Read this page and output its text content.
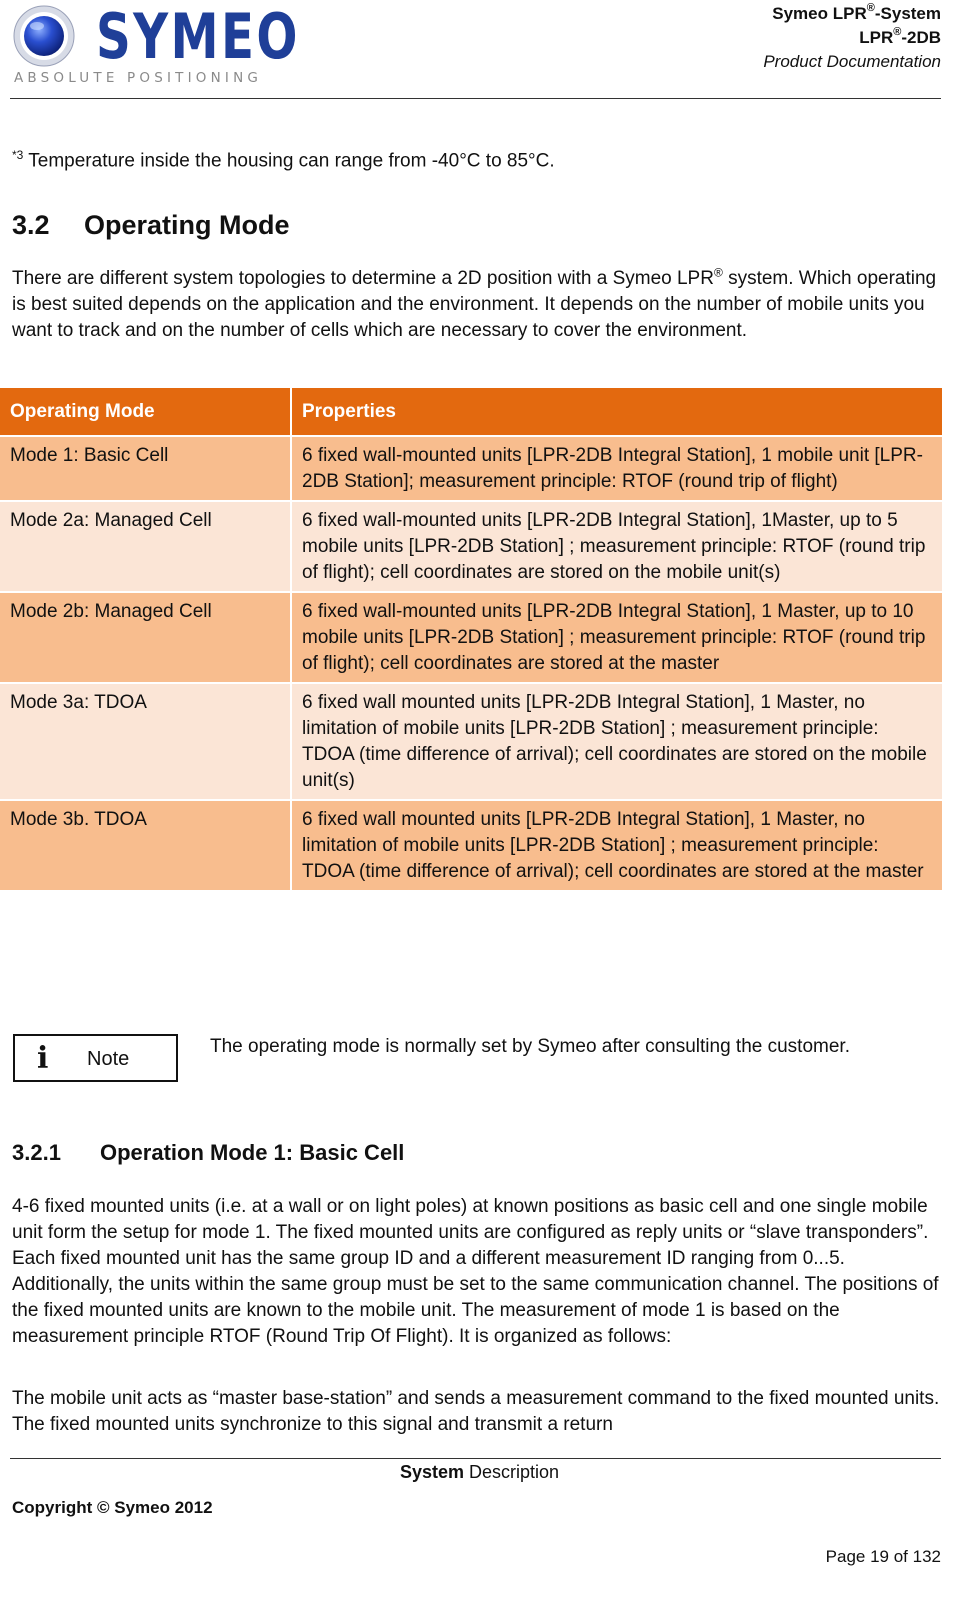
SYMEO
ABSOLUTE POSITIONING
Symeo LPR®-System
LPR®-2DB
Product Documentation
$^{*3}$ Temperature inside the housing can range from -40°C to 85°C.
3.2 Operating Mode
There are different system topologies to determine a 2D position with a Symeo LPR® system. Which operating is best suited depends on the application and the environment. It depends on the number of mobile units you want to track and on the number of cells which are necessary to cover the environment.
Operating Mode	Properties
Mode 1: Basic Cell	6 fixed wall-mounted units [LPR-2DB Integral Station], 1 mobile unit [LPR-2DB Station]; measurement principle: RTOF (round trip of flight)
Mode 2a: Managed Cell	6 fixed wall-mounted units [LPR-2DB Integral Station], 1Master, up to 5 mobile units [LPR-2DB Station] ; measurement principle: RTOF (round trip of flight); cell coordinates are stored on the mobile unit(s)
Mode 2b: Managed Cell	6 fixed wall-mounted units [LPR-2DB Integral Station], 1 Master, up to 10 mobile units [LPR-2DB Station] ; measurement principle: RTOF (round trip of flight); cell coordinates are stored at the master
Mode 3a: TDOA	6 fixed wall mounted units [LPR-2DB Integral Station], 1 Master, no limitation of mobile units [LPR-2DB Station] ; measurement principle: TDOA (time difference of arrival); cell coordinates are stored on the mobile unit(s)
Mode 3b. TDOA	6 fixed wall mounted units [LPR-2DB Integral Station], 1 Master, no limitation of mobile units [LPR-2DB Station] ; measurement principle: TDOA (time difference of arrival); cell coordinates are stored at the master
i Note
The operating mode is normally set by Symeo after consulting the customer.
3.2.1 Operation Mode 1: Basic Cell
4-6 fixed mounted units (i.e. at a wall or on light poles) at known positions as basic cell and one single mobile unit form the setup for mode 1. The fixed mounted units are configured as reply units or “slave transponders”. Each fixed mounted unit has the same group ID and a different measurement ID ranging from 0...5. Additionally, the units within the same group must be set to the same communication channel. The positions of the fixed mounted units are known to the mobile unit. The measurement of mode 1 is based on the measurement principle RTOF (Round Trip Of Flight). It is organized as follows:
The mobile unit acts as “master base-station” and sends a measurement command to the fixed mounted units. The fixed mounted units synchronize to this signal and transmit a return
System Description
Copyright © Symeo 2012
Page 19 of 132
